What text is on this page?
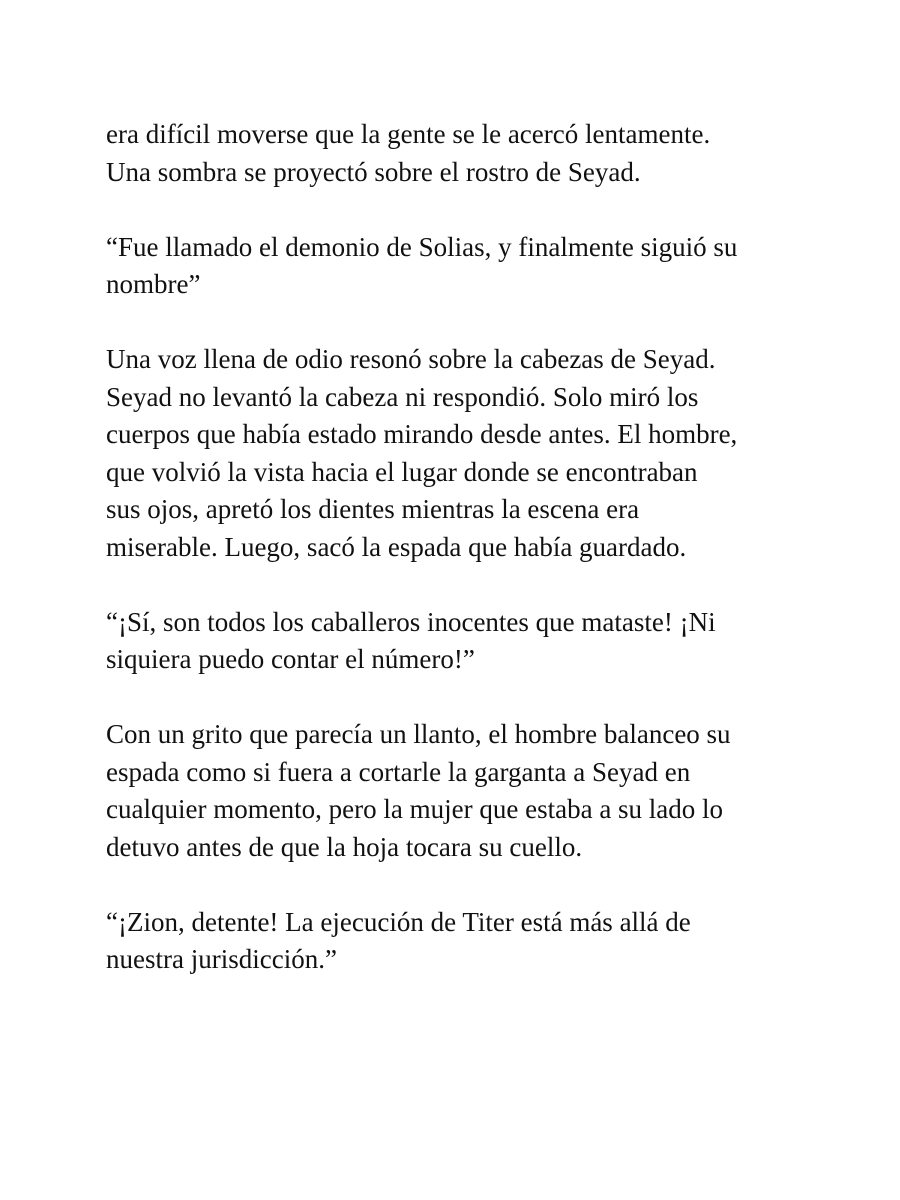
era difícil moverse que la gente se le acercó lentamente.
Una sombra se proyectó sobre el rostro de Seyad.

“Fue llamado el demonio de Solias, y finalmente siguió su
nombre”

Una voz llena de odio resonó sobre la cabezas de Seyad.
Seyad no levantó la cabeza ni respondió. Solo miró los
cuerpos que había estado mirando desde antes. El hombre,
que volvió la vista hacia el lugar donde se encontraban
sus ojos, apretó los dientes mientras la escena era
miserable. Luego, sacó la espada que había guardado.

“¡Sí, son todos los caballeros inocentes que mataste! ¡Ni
siquiera puedo contar el número!”

Con un grito que parecía un llanto, el hombre balanceo su
espada como si fuera a cortarle la garganta a Seyad en
cualquier momento, pero la mujer que estaba a su lado lo
detuvo antes de que la hoja tocara su cuello.

“¡Zion, detente! La ejecución de Titer está más allá de
nuestra jurisdicción.”
